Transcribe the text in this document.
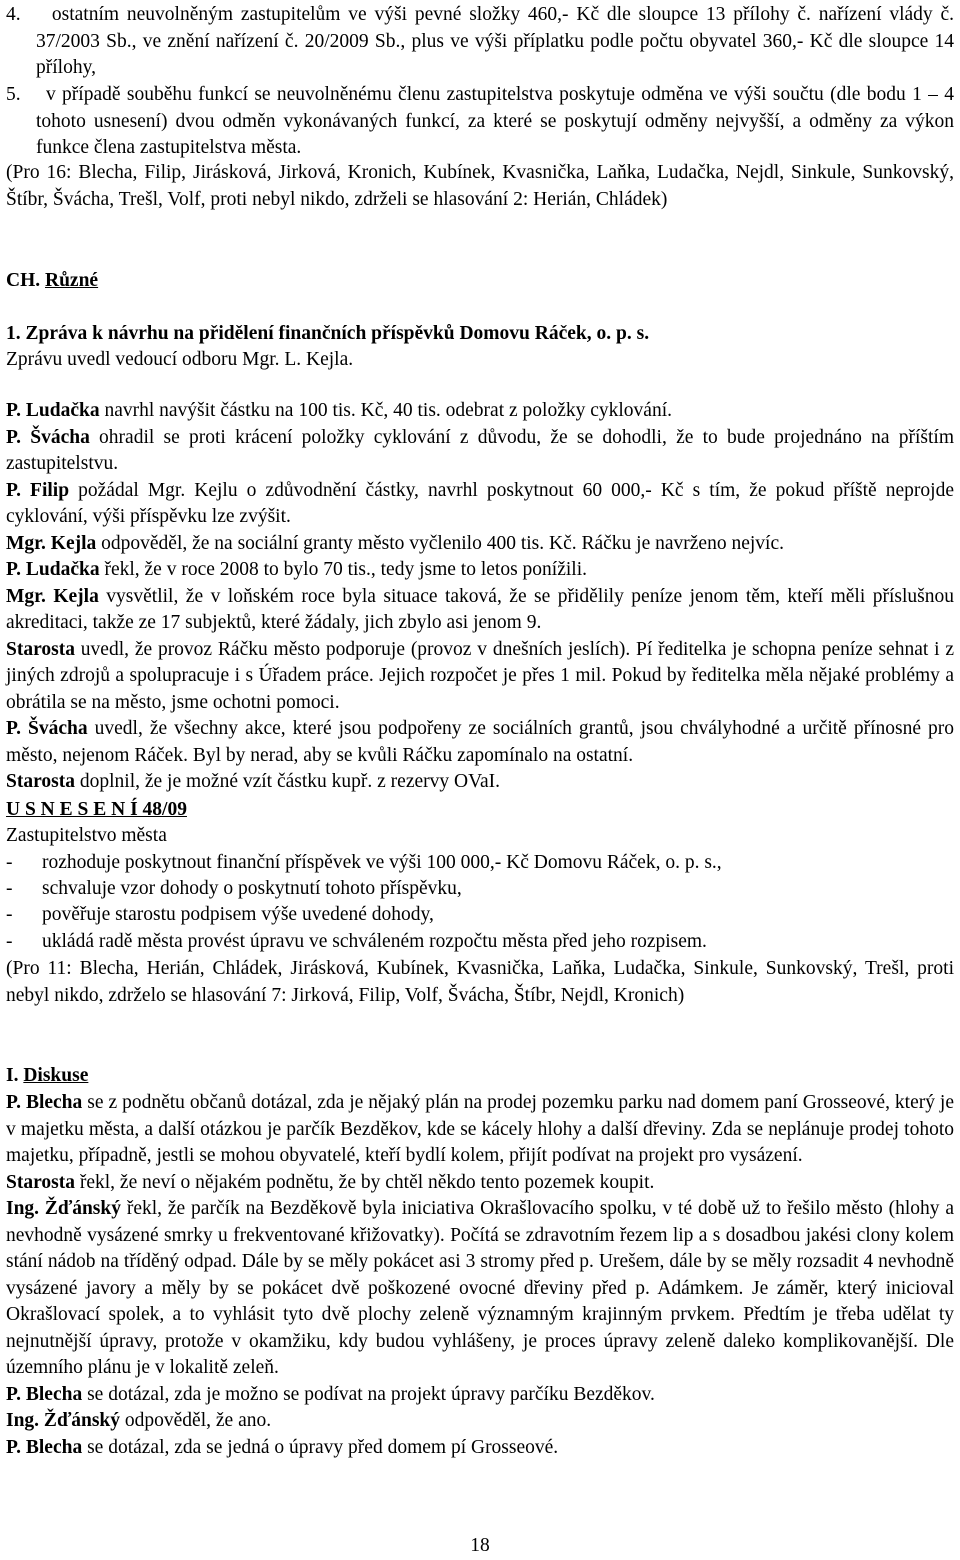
4. ostatním neuvolněným zastupitelům ve výši pevné složky 460,- Kč dle sloupce 13 přílohy č. nařízení vlády č. 37/2003 Sb., ve znění nařízení č. 20/2009 Sb., plus ve výši příplatku podle počtu obyvatel 360,- Kč dle sloupce 14 přílohy,

5. v případě souběhu funkcí se neuvolněnému členu zastupitelstva poskytuje odměna ve výši součtu (dle bodu 1 – 4 tohoto usnesení) dvou odměn vykonávaných funkcí, za které se poskytují odměny nejvyšší, a odměny za výkon funkce člena zastupitelstva města.

(Pro 16: Blecha, Filip, Jirásková, Jirková, Kronich, Kubínek, Kvasnička, Laňka, Ludačka, Nejdl, Sinkule, Sunkovský, Štíbr, Švácha, Trešl, Volf, proti nebyl nikdo, zdrželi se hlasování 2: Herián, Chládek)

CH. Různé

1. Zpráva k návrhu na přidělení finančních příspěvků Domovu Ráček, o. p. s.

Zprávu uvedl vedoucí odboru Mgr. L. Kejla.

P. Ludačka navrhl navýšit částku na 100 tis. Kč, 40 tis. odebrat z položky cyklování.
P. Švácha ohradil se proti krácení položky cyklování z důvodu, že se dohodli, že to bude projednáno na příštím zastupitelstvu.
P. Filip požádal Mgr. Kejlu o zdůvodnění částky, navrhl poskytnout 60 000,- Kč s tím, že pokud příště neprojde cyklování, výši příspěvku lze zvýšit.
Mgr. Kejla odpověděl, že na sociální granty město vyčlenilo 400 tis. Kč. Ráčku je navrženo nejvíc.
P. Ludačka řekl, že v roce 2008 to bylo 70 tis., tedy jsme to letos ponížili.
Mgr. Kejla vysvětlil, že v loňském roce byla situace taková, že se přidělily peníze jenom těm, kteří měli příslušnou akreditaci, takže ze 17 subjektů, které žádaly, jich zbylo asi jenom 9.
Starosta uvedl, že provoz Ráčku město podporuje (provoz v dnešních jeslích). Pí ředitelka je schopna peníze sehnat i z jiných zdrojů a spolupracuje i s Úřadem práce. Jejich rozpočet je přes 1 mil. Pokud by ředitelka měla nějaké problémy a obrátila se na město, jsme ochotni pomoci.
P. Švácha uvedl, že všechny akce, které jsou podpořeny ze sociálních grantů, jsou chvályhodné a určitě přínosné pro město, nejenom Ráček. Byl by nerad, aby se kvůli Ráčku zapomínalo na ostatní.
Starosta doplnil, že je možné vzít částku kupř. z rezervy OVaI.

U S N E S E N Í 48/09

Zastupitelstvo města

- rozhoduje poskytnout finanční příspěvek ve výši 100 000,- Kč Domovu Ráček, o. p. s.,
- schvaluje vzor dohody o poskytnutí tohoto příspěvku,
- pověřuje starostu podpisem výše uvedené dohody,
- ukládá radě města provést úpravu ve schváleném rozpočtu města před jeho rozpisem.

(Pro 11: Blecha, Herián, Chládek, Jirásková, Kubínek, Kvasnička, Laňka, Ludačka, Sinkule, Sunkovský, Trešl, proti nebyl nikdo, zdrželo se hlasování 7: Jirková, Filip, Volf, Švácha, Štíbr, Nejdl, Kronich)

I. Diskuse

P. Blecha se z podnětu občanů dotázal, zda je nějaký plán na prodej pozemku parku nad domem paní Grosseové, který je v majetku města, a další otázkou je parčík Bezděkov, kde se kácely hlohy a další dřeviny. Zda se neplánuje prodej tohoto majetku, případně, jestli se mohou obyvatelé, kteří bydlí kolem, přijít podívat na projekt pro vysázení.
Starosta řekl, že neví o nějakém podnětu, že by chtěl někdo tento pozemek koupit.
Ing. Žďánský řekl, že parčík na Bezděkově byla iniciativa Okrašlovacího spolku, v té době už to řešilo město (hlohy a nevhodně vysázené smrky u frekventované křižovatky). Počítá se zdravotním řezem lip a s dosadbou jakési clony kolem stání nádob na tříděný odpad. Dále by se měly pokácet asi 3 stromy před p. Urešem, dále by se měly rozsadit 4 nevhodně vysázené javory a měly by se pokácet dvě poškozené ovocné dřeviny před p. Adámkem. Je záměr, který inicioval Okrašlovací spolek, a to vyhlásit tyto dvě plochy zeleně významným krajinným prvkem. Předtím je třeba udělat ty nejnutnější úpravy, protože v okamžiku, kdy budou vyhlášeny, je proces úpravy zeleně daleko komplikovanější. Dle územního plánu je v lokalitě zeleň.
P. Blecha se dotázal, zda je možno se podívat na projekt úpravy parčíku Bezděkov.
Ing. Žďánský odpověděl, že ano.
P. Blecha se dotázal, zda se jedná o úpravy před domem pí Grosseové.
18
